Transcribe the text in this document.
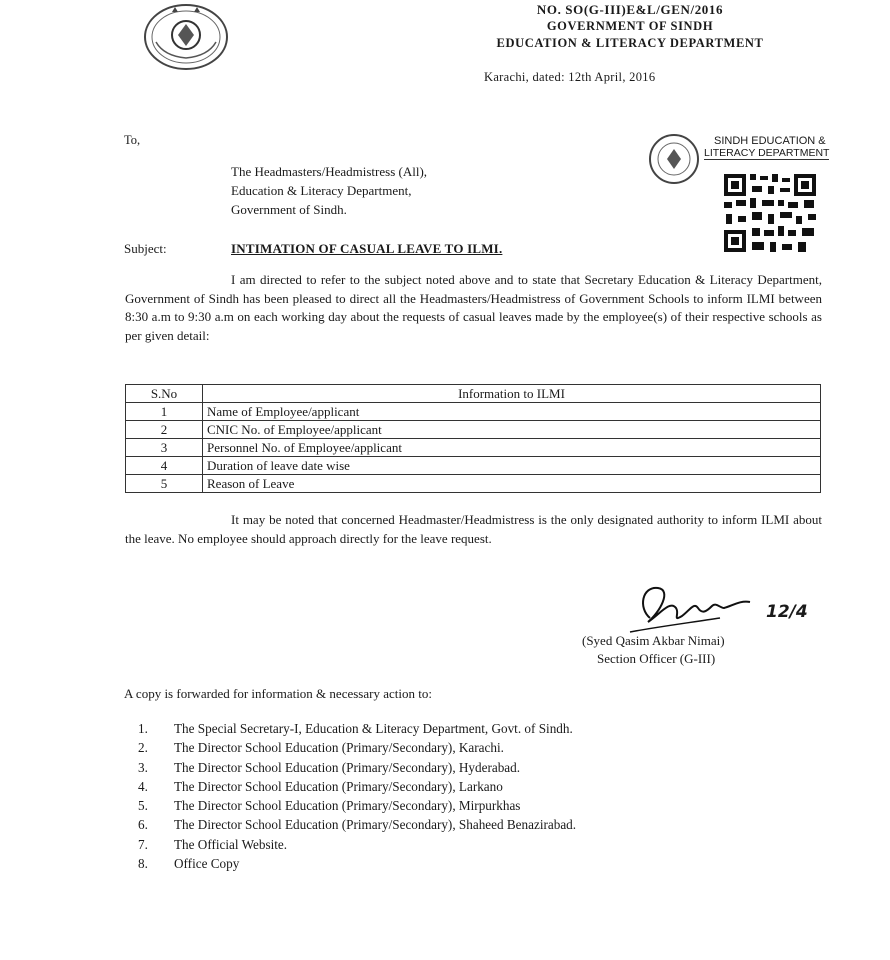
NO. SO(G-III)E&L/GEN/2016
GOVERNMENT OF SINDH
EDUCATION & LITERACY DEPARTMENT
Karachi, dated: 12th April, 2016
SINDH EDUCATION &
LITERACY DEPARTMENT
To,
The Headmasters/Headmistress (All),
Education & Literacy Department,
Government of Sindh.
Subject:	INTIMATION OF CASUAL LEAVE TO ILMI.
I am directed to refer to the subject noted above and to state that Secretary Education & Literacy Department, Government of Sindh has been pleased to direct all the Headmasters/Headmistress of Government Schools to inform ILMI between 8:30 a.m to 9:30 a.m on each working day about the requests of casual leaves made by the employee(s) of their respective schools as per given detail:
S.No	Information to ILMI
1	Name of Employee/applicant
2	CNIC No. of Employee/applicant
3	Personnel No. of Employee/applicant
4	Duration of leave date wise
5	Reason of Leave
It may be noted that concerned Headmaster/Headmistress is the only designated authority to inform ILMI about the leave. No employee should approach directly for the leave request.
12/4
(Syed Qasim Akbar Nimai)
Section Officer (G-III)
A copy is forwarded for information & necessary action to:
1. The Special Secretary-I, Education & Literacy Department, Govt. of Sindh.
2. The Director School Education (Primary/Secondary), Karachi.
3. The Director School Education (Primary/Secondary), Hyderabad.
4. The Director School Education (Primary/Secondary), Larkano
5. The Director School Education (Primary/Secondary), Mirpurkhas
6. The Director School Education (Primary/Secondary), Shaheed Benazirabad.
7. The Official Website.
8. Office Copy
